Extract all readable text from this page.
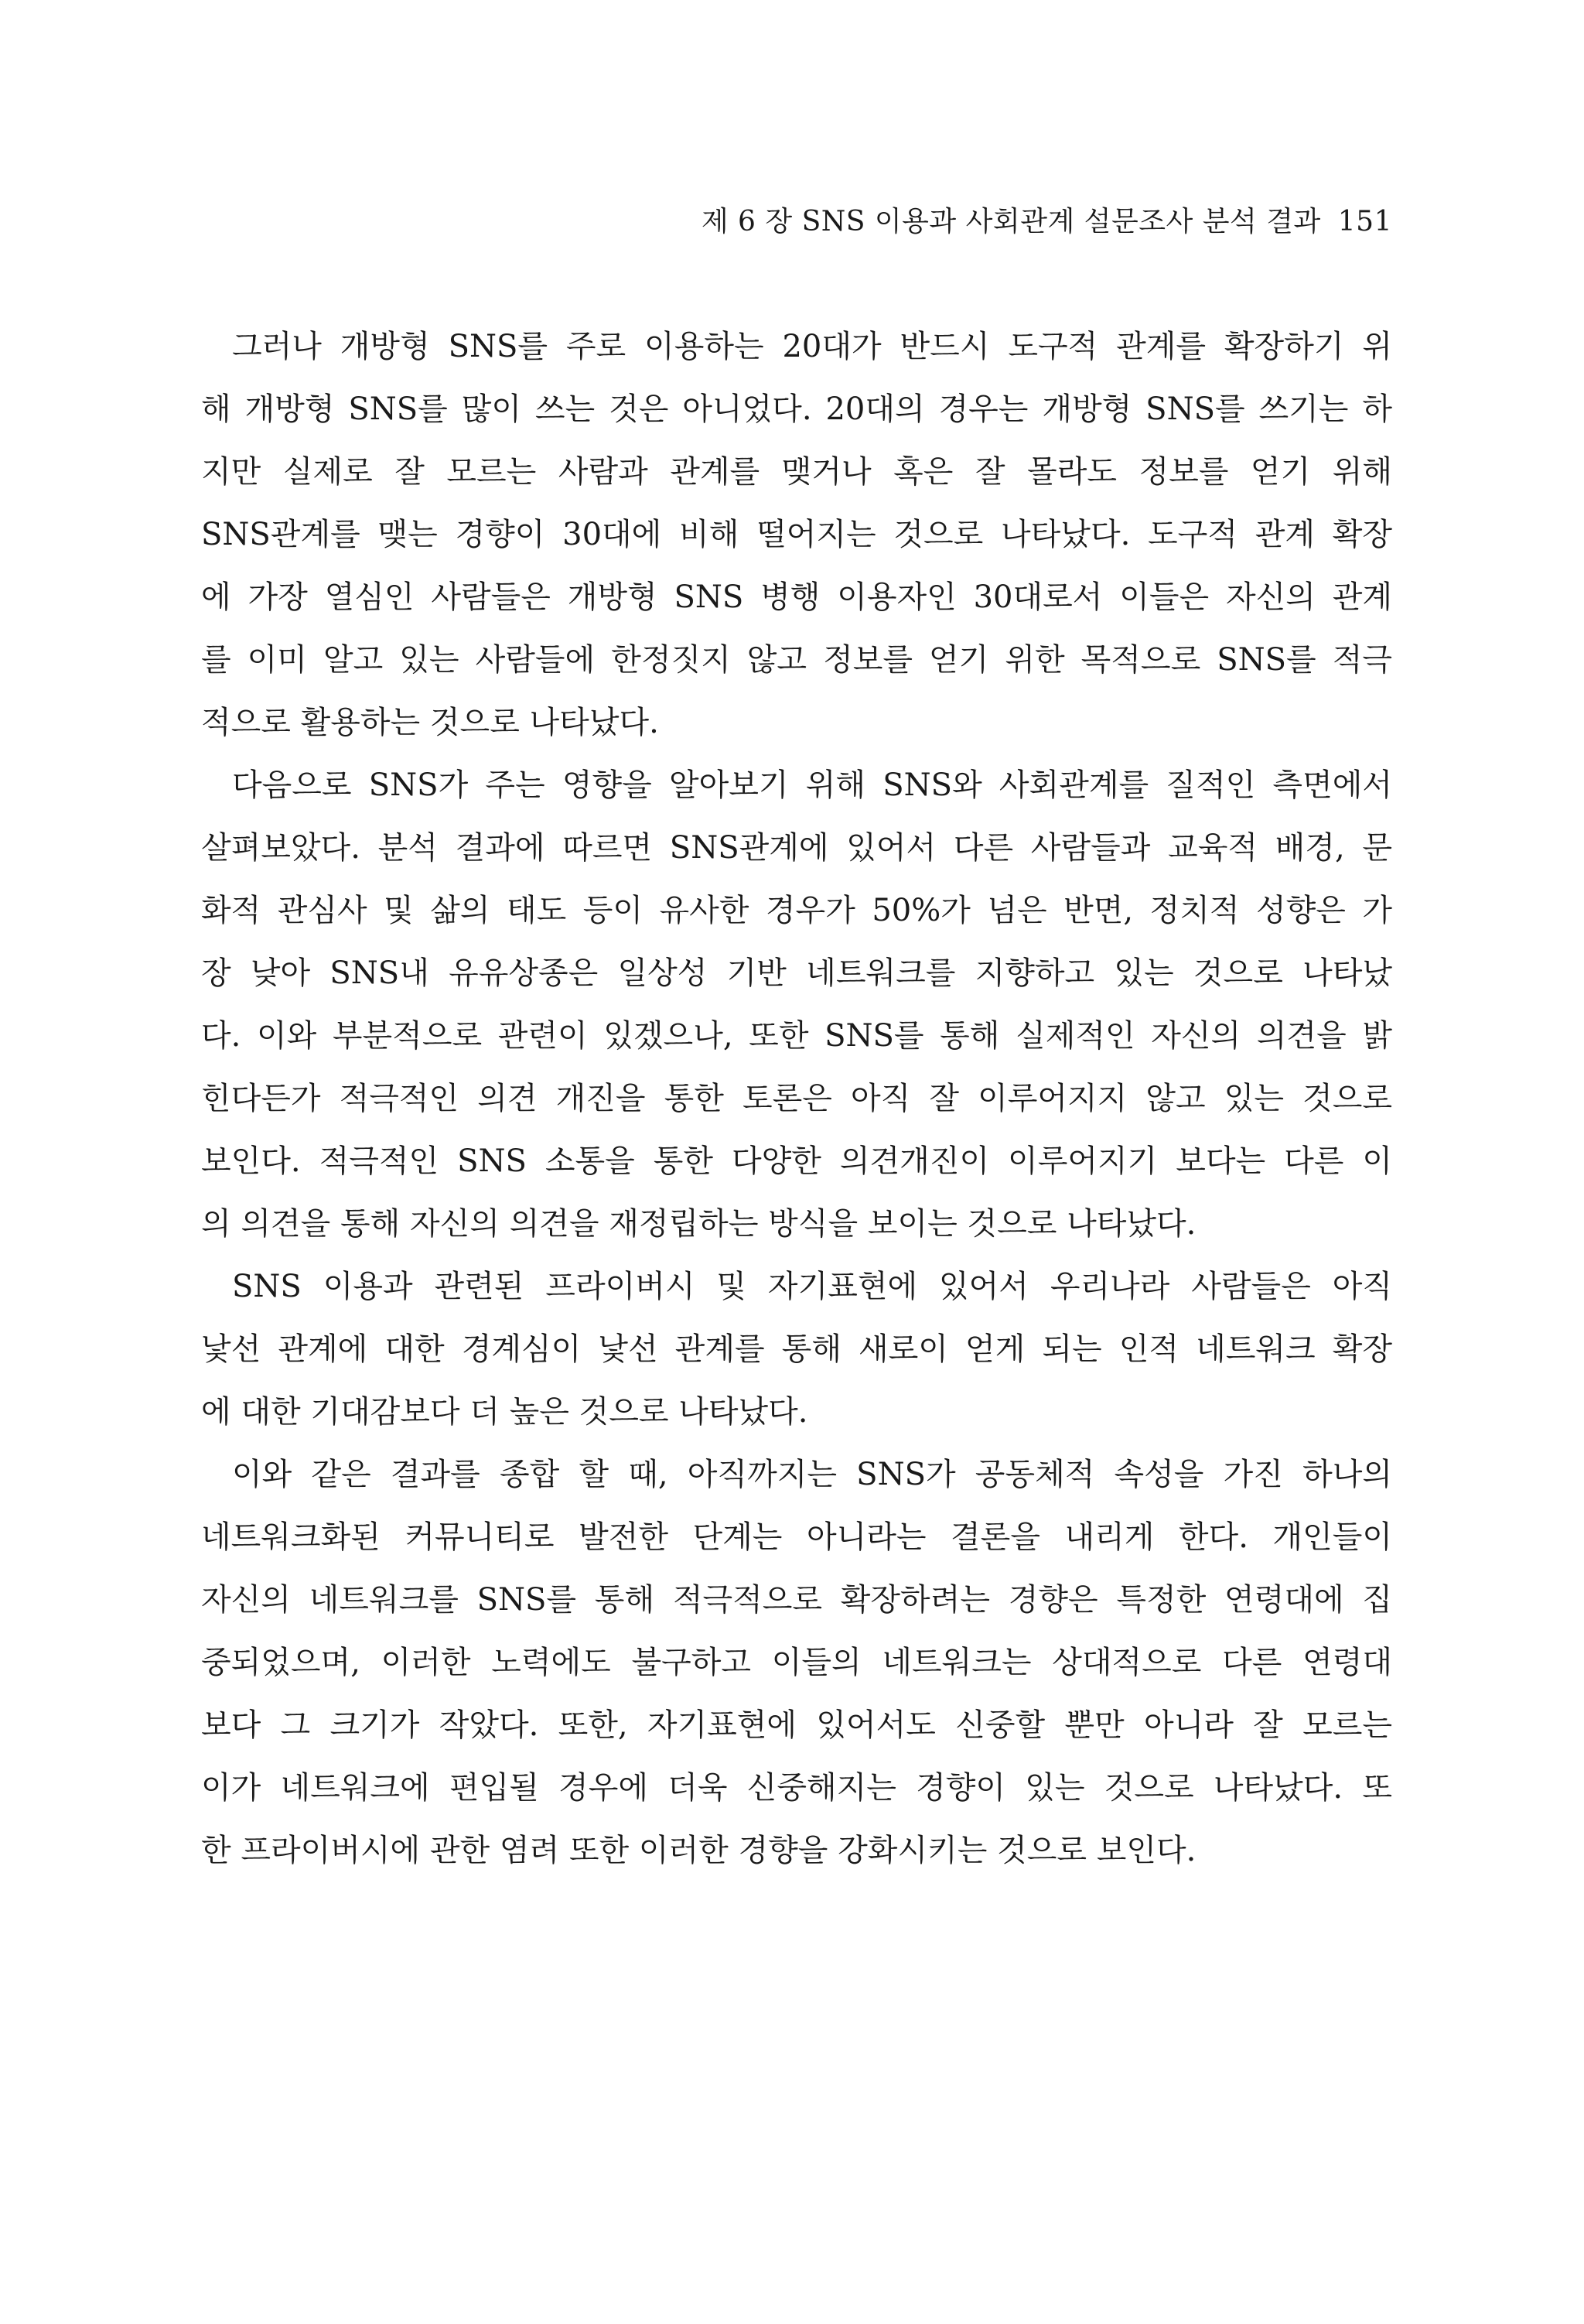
제 6 장 SNS 이용과 사회관계 설문조사 분석 결과 151
그러나 개방형 SNS를 주로 이용하는 20대가 반드시 도구적 관계를 확장하기 위
해 개방형 SNS를 많이 쓰는 것은 아니었다. 20대의 경우는 개방형 SNS를 쓰기는 하
지만 실제로 잘 모르는 사람과 관계를 맺거나 혹은 잘 몰라도 정보를 얻기 위해
SNS관계를 맺는 경향이 30대에 비해 떨어지는 것으로 나타났다. 도구적 관계 확장
에 가장 열심인 사람들은 개방형 SNS 병행 이용자인 30대로서 이들은 자신의 관계
를 이미 알고 있는 사람들에 한정짓지 않고 정보를 얻기 위한 목적으로 SNS를 적극
적으로 활용하는 것으로 나타났다.
다음으로 SNS가 주는 영향을 알아보기 위해 SNS와 사회관계를 질적인 측면에서
살펴보았다. 분석 결과에 따르면 SNS관계에 있어서 다른 사람들과 교육적 배경, 문
화적 관심사 및 삶의 태도 등이 유사한 경우가 50%가 넘은 반면, 정치적 성향은 가
장 낮아 SNS내 유유상종은 일상성 기반 네트워크를 지향하고 있는 것으로 나타났
다. 이와 부분적으로 관련이 있겠으나, 또한 SNS를 통해 실제적인 자신의 의견을 밝
힌다든가 적극적인 의견 개진을 통한 토론은 아직 잘 이루어지지 않고 있는 것으로
보인다. 적극적인 SNS 소통을 통한 다양한 의견개진이 이루어지기 보다는 다른 이
의 의견을 통해 자신의 의견을 재정립하는 방식을 보이는 것으로 나타났다.
SNS 이용과 관련된 프라이버시 및 자기표현에 있어서 우리나라 사람들은 아직
낯선 관계에 대한 경계심이 낯선 관계를 통해 새로이 얻게 되는 인적 네트워크 확장
에 대한 기대감보다 더 높은 것으로 나타났다.
이와 같은 결과를 종합 할 때, 아직까지는 SNS가 공동체적 속성을 가진 하나의
네트워크화된 커뮤니티로 발전한 단계는 아니라는 결론을 내리게 한다. 개인들이
자신의 네트워크를 SNS를 통해 적극적으로 확장하려는 경향은 특정한 연령대에 집
중되었으며, 이러한 노력에도 불구하고 이들의 네트워크는 상대적으로 다른 연령대
보다 그 크기가 작았다. 또한, 자기표현에 있어서도 신중할 뿐만 아니라 잘 모르는
이가 네트워크에 편입될 경우에 더욱 신중해지는 경향이 있는 것으로 나타났다. 또
한 프라이버시에 관한 염려 또한 이러한 경향을 강화시키는 것으로 보인다.
